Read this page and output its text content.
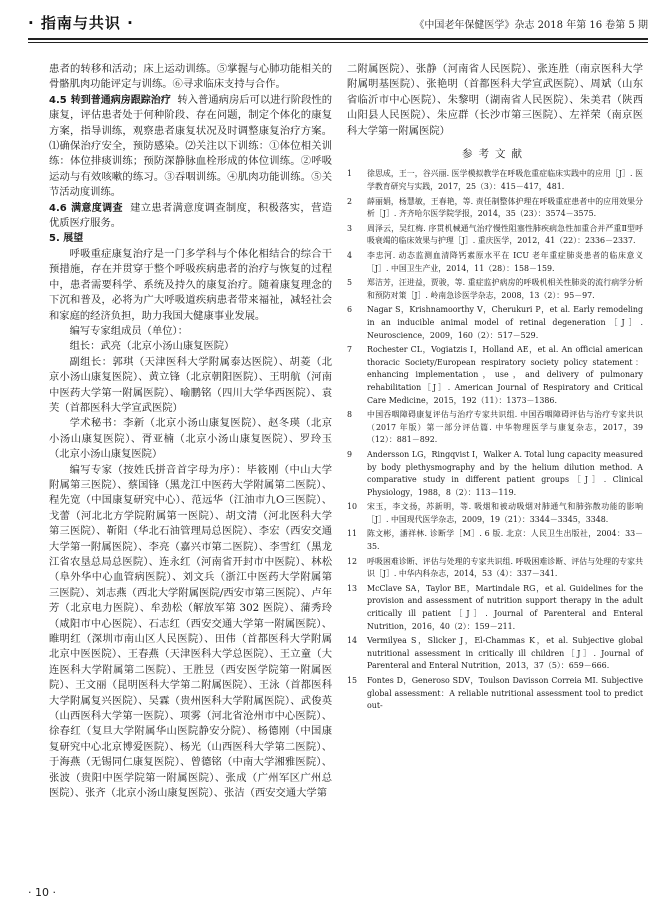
· 指南与共识 ·	《中国老年保健医学》杂志 2018 年第 16 卷第 5 期

患者的转移和活动；床上运动训练。⑤掌握与心肺功能相关的骨骼肌肉功能评定与训练。⑥寻求临床支持与合作。

4.5 转到普通病房跟踪治疗 转入普通病房后可以进行阶段性的康复，评估患者处于何种阶段、存在问题，制定个体化的康复方案，指导训练，观察患者康复状况及时调整康复治疗方案。⑴确保治疗安全，预防感染。⑵关注以下训练：①体位相关训练：体位排痰训练；预防深静脉血栓形成的体位训练。②呼吸运动与有效咳嗽的练习。③吞咽训练。④肌肉功能训练。⑤关节活动度训练。

4.6 满意度调查 建立患者满意度调查制度，积极落实，营造优质医疗服务。

5. 展望

呼吸重症康复治疗是一门多学科与个体化相结合的综合干预措施，存在并贯穿于整个呼吸疾病患者的治疗与恢复的过程中，患者需要科学、系统及持久的康复治疗。随着康复理念的下沉和普及，必将为广大呼吸道疾病患者带来福祉，减轻社会和家庭的经济负担，助力我国大健康事业发展。

编写专家组成员（单位）：

组长：武亮（北京小汤山康复医院）

副组长：郭琪（天津医科大学附属泰达医院）、胡菱（北京小汤山康复医院）、黄立锋（北京朝阳医院）、王明航（河南中医药大学第一附属医院）、喻鹏铭（四川大学华西医院）、袁芙（首都医科大学宣武医院）

学术秘书：李新（北京小汤山康复医院）、赵冬瑛（北京小汤山康复医院）、胥亚楠（北京小汤山康复医院）、罗玲玉（北京小汤山康复医院）

编写专家（按姓氏拼音首字母为序）：毕筱刚（中山大学附属第三医院）、蔡国锋（黑龙江中医药大学附属第二医院）、程先宽（中国康复研究中心）、范远华（江油市九O三医院）、戈蕾（河北北方学院附属第一医院）、胡文清（河北医科大学第三医院）、靳阳（华北石油管理局总医院）、李宏（西安交通大学第一附属医院）、李亮（嘉兴市第二医院）、李雪红（黑龙江省农垦总局总医院）、连永红（河南省开封市中医院）、林松（阜外华中心血管病医院）、刘文兵（浙江中医药大学附属第三医院）、刘志燕（西北大学附属医院/西安市第三医院）、卢年芳（北京电力医院）、牟劲松（解放军第 302 医院）、蒲秀玲（咸阳市中心医院）、石志红（西安交通大学第一附属医院）、睢明红（深圳市南山区人民医院）、田伟（首都医科大学附属北京中医医院）、王春燕（天津医科大学总医院）、王立童（大连医科大学附属第二医院）、王胜昱（西安医学院第一附属医院）、王文丽（昆明医科大学第二附属医院）、王泳（首都医科大学附属复兴医院）、吴霖（贵州医科大学附属医院）、武俊英（山西医科大学第一医院）、项雾（河北省沧州市中心医院）、徐春红（复旦大学附属华山医院静安分院）、杨德刚（中国康复研究中心北京博爱医院）、杨光（山西医科大学第二医院）、于海燕（无锡同仁康复医院）、曾德铭（中南大学湘雅医院）、张波（贵阳中医学院第一附属医院）、张成（广州军区广州总医院）、张齐（北京小汤山康复医院）、张洁（西安交通大学第

二附属医院）、张静（河南省人民医院）、张连胜（南京医科大学附属明基医院）、张艳明（首都医科大学宣武医院）、周斌（山东省临沂市中心医院）、朱黎明（湖南省人民医院）、朱美君（陕西山阳县人民医院）、朱应群（长沙市第三医院）、左祥荣（南京医科大学第一附属医院）

参考文献
1	徐思成，王一，谷兴丽. 医学模拟教学在呼吸危重症临床实践中的应用［J］. 医学教育研究与实践，2017，25（3）：415－417，481.
2	薛丽娟，杨慧敏，王春艳，等. 责任制整体护理在呼吸重症患者中的应用效果分析［J］. 齐齐哈尔医学院学报，2014，35（23）：3574－3575.
3	周泽云，吴红梅. 序贯机械通气治疗慢性阻塞性肺疾病急性加重合并严重Ⅱ型呼吸衰竭的临床效果与护理［J］. 重庆医学，2012，41（22）：2336－2337.
4	李忠河. 动态监测血清降钙素原水平在 ICU 老年重症肺炎患者的临床意义［J］. 中国卫生产业，2014，11（28）：158－159.
5	郑洁芳，汪进益，贾骏，等. 重症监护病房的呼吸机相关性肺炎的流行病学分析和预防对策［J］. 岭南急诊医学杂志，2008，13（2）：95－97.
6	Nagar S，Krishnamoorthy V，Cherukuri P，et al. Early remodeling in an inducible animal model of retinal degeneration［J］. Neuroscience，2009，160（2）：517－529.
7	Rochester CL，Vogiatzis I，Holland AE，et al. An official american thoracic Society/European respiratory society policy statement：enhancing implementation，use，and delivery of pulmonary rehabilitation［J］. American Journal of Respiratory and Critical Care Medicine，2015，192（11）：1373－1386.
8	中国吞咽障碍康复评估与治疗专家共识组. 中国吞咽障碍评估与治疗专家共识（2017 年版）第一部分评估篇. 中华物理医学与康复杂志，2017，39（12）：881－892.
9	Andersson LG，Ringqvist I，Walker A. Total lung capacity measured by body plethysmography and by the helium dilution method. A comparative study in different patient groups［J］. Clinical Physiology，1988，8（2）：113－119.
10	宋玉，李文扬，苏新明，等. 吸烟和被动吸烟对肺通气和肺弥散功能的影响［J］. 中国现代医学杂志，2009，19（21）：3344－3345，3348.
11	陈文彬，潘祥林. 诊断学［M］. 6 版. 北京：人民卫生出版社，2004：33－35.
12	呼吸困难诊断、评估与处理的专家共识组. 呼吸困难诊断、评估与处理的专家共识［J］. 中华内科杂志，2014，53（4）：337－341.
13	McClave SA，Taylor BE，Martindale RG，et al. Guidelines for the provision and assessment of nutrition support therapy in the adult critically ill patient［J］. Journal of Parenteral and Enteral Nutrition，2016，40（2）：159－211.
14	Vermilyea S，Slicker J，El-Chammas K，et al. Subjective global nutritional assessment in critically ill children［J］. Journal of Parenteral and Enteral Nutrition，2013，37（5）：659－666.
15	Fontes D，Generoso SDV，Toulson Davisson Correia MI. Subjective global assessment：A reliable nutritional assessment tool to predict out-
· 10 ·
